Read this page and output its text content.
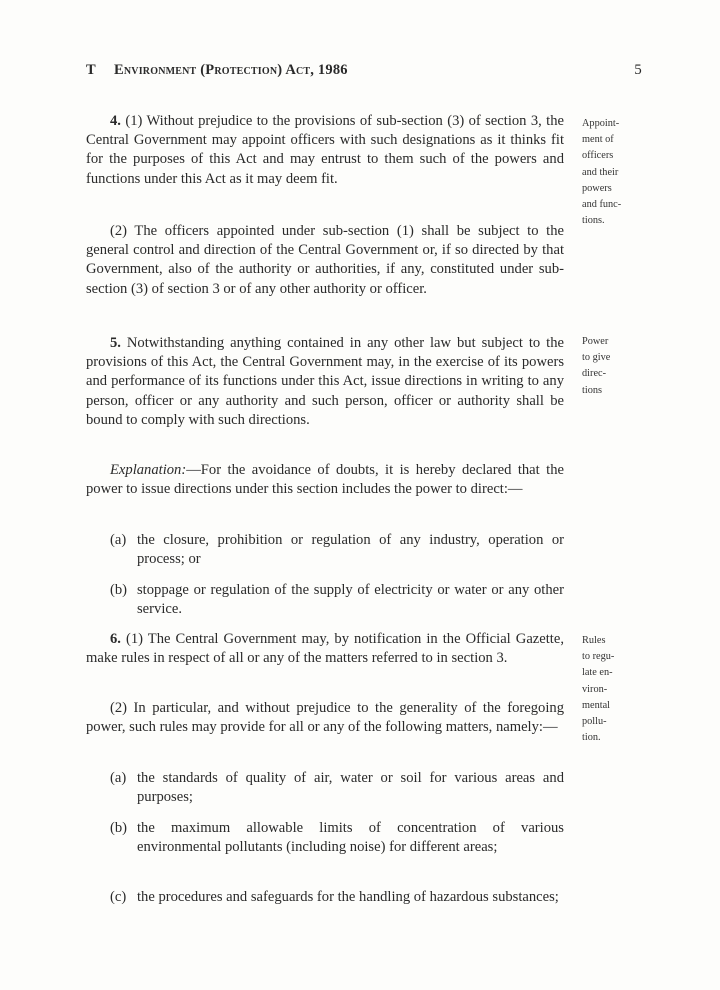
T Environment (Protection) Act, 1986	5
4. (1) Without prejudice to the provisions of sub-section (3) of section 3, the Central Government may appoint officers with such designations as it thinks fit for the purposes of this Act and may entrust to them such of the powers and functions under this Act as it may deem fit.
(2) The officers appointed under sub-section (1) shall be subject to the general control and direction of the Central Government or, if so directed by that Government, also of the authority or authorities, if any, constituted under sub-section (3) of section 3 or of any other authority or officer.
Appoint-
ment of
officers
and their
powers
and func-
tions.
5. Notwithstanding anything contained in any other law but subject to the provisions of this Act, the Central Government may, in the exercise of its powers and performance of its functions under this Act, issue directions in writing to any person, officer or any authority and such person, officer or authority shall be bound to comply with such directions.
Explanation:—For the avoidance of doubts, it is hereby declared that the power to issue directions under this section includes the power to direct:—
(a) the closure, prohibition or regulation of any industry, operation or process; or
(b) stoppage or regulation of the supply of electricity or water or any other service.
Power
to give
direc-
tions
6. (1) The Central Government may, by notification in the Official Gazette, make rules in respect of all or any of the matters referred to in section 3.
(2) In particular, and without prejudice to the generality of the foregoing power, such rules may provide for all or any of the following matters, namely:—
(a) the standards of quality of air, water or soil for various areas and purposes;
(b) the maximum allowable limits of concentration of various environmental pollutants (including noise) for different areas;
(c) the procedures and safeguards for the handling of hazardous substances;
Rules
to regu-
late en-
viron-
mental
pollu-
tion.
